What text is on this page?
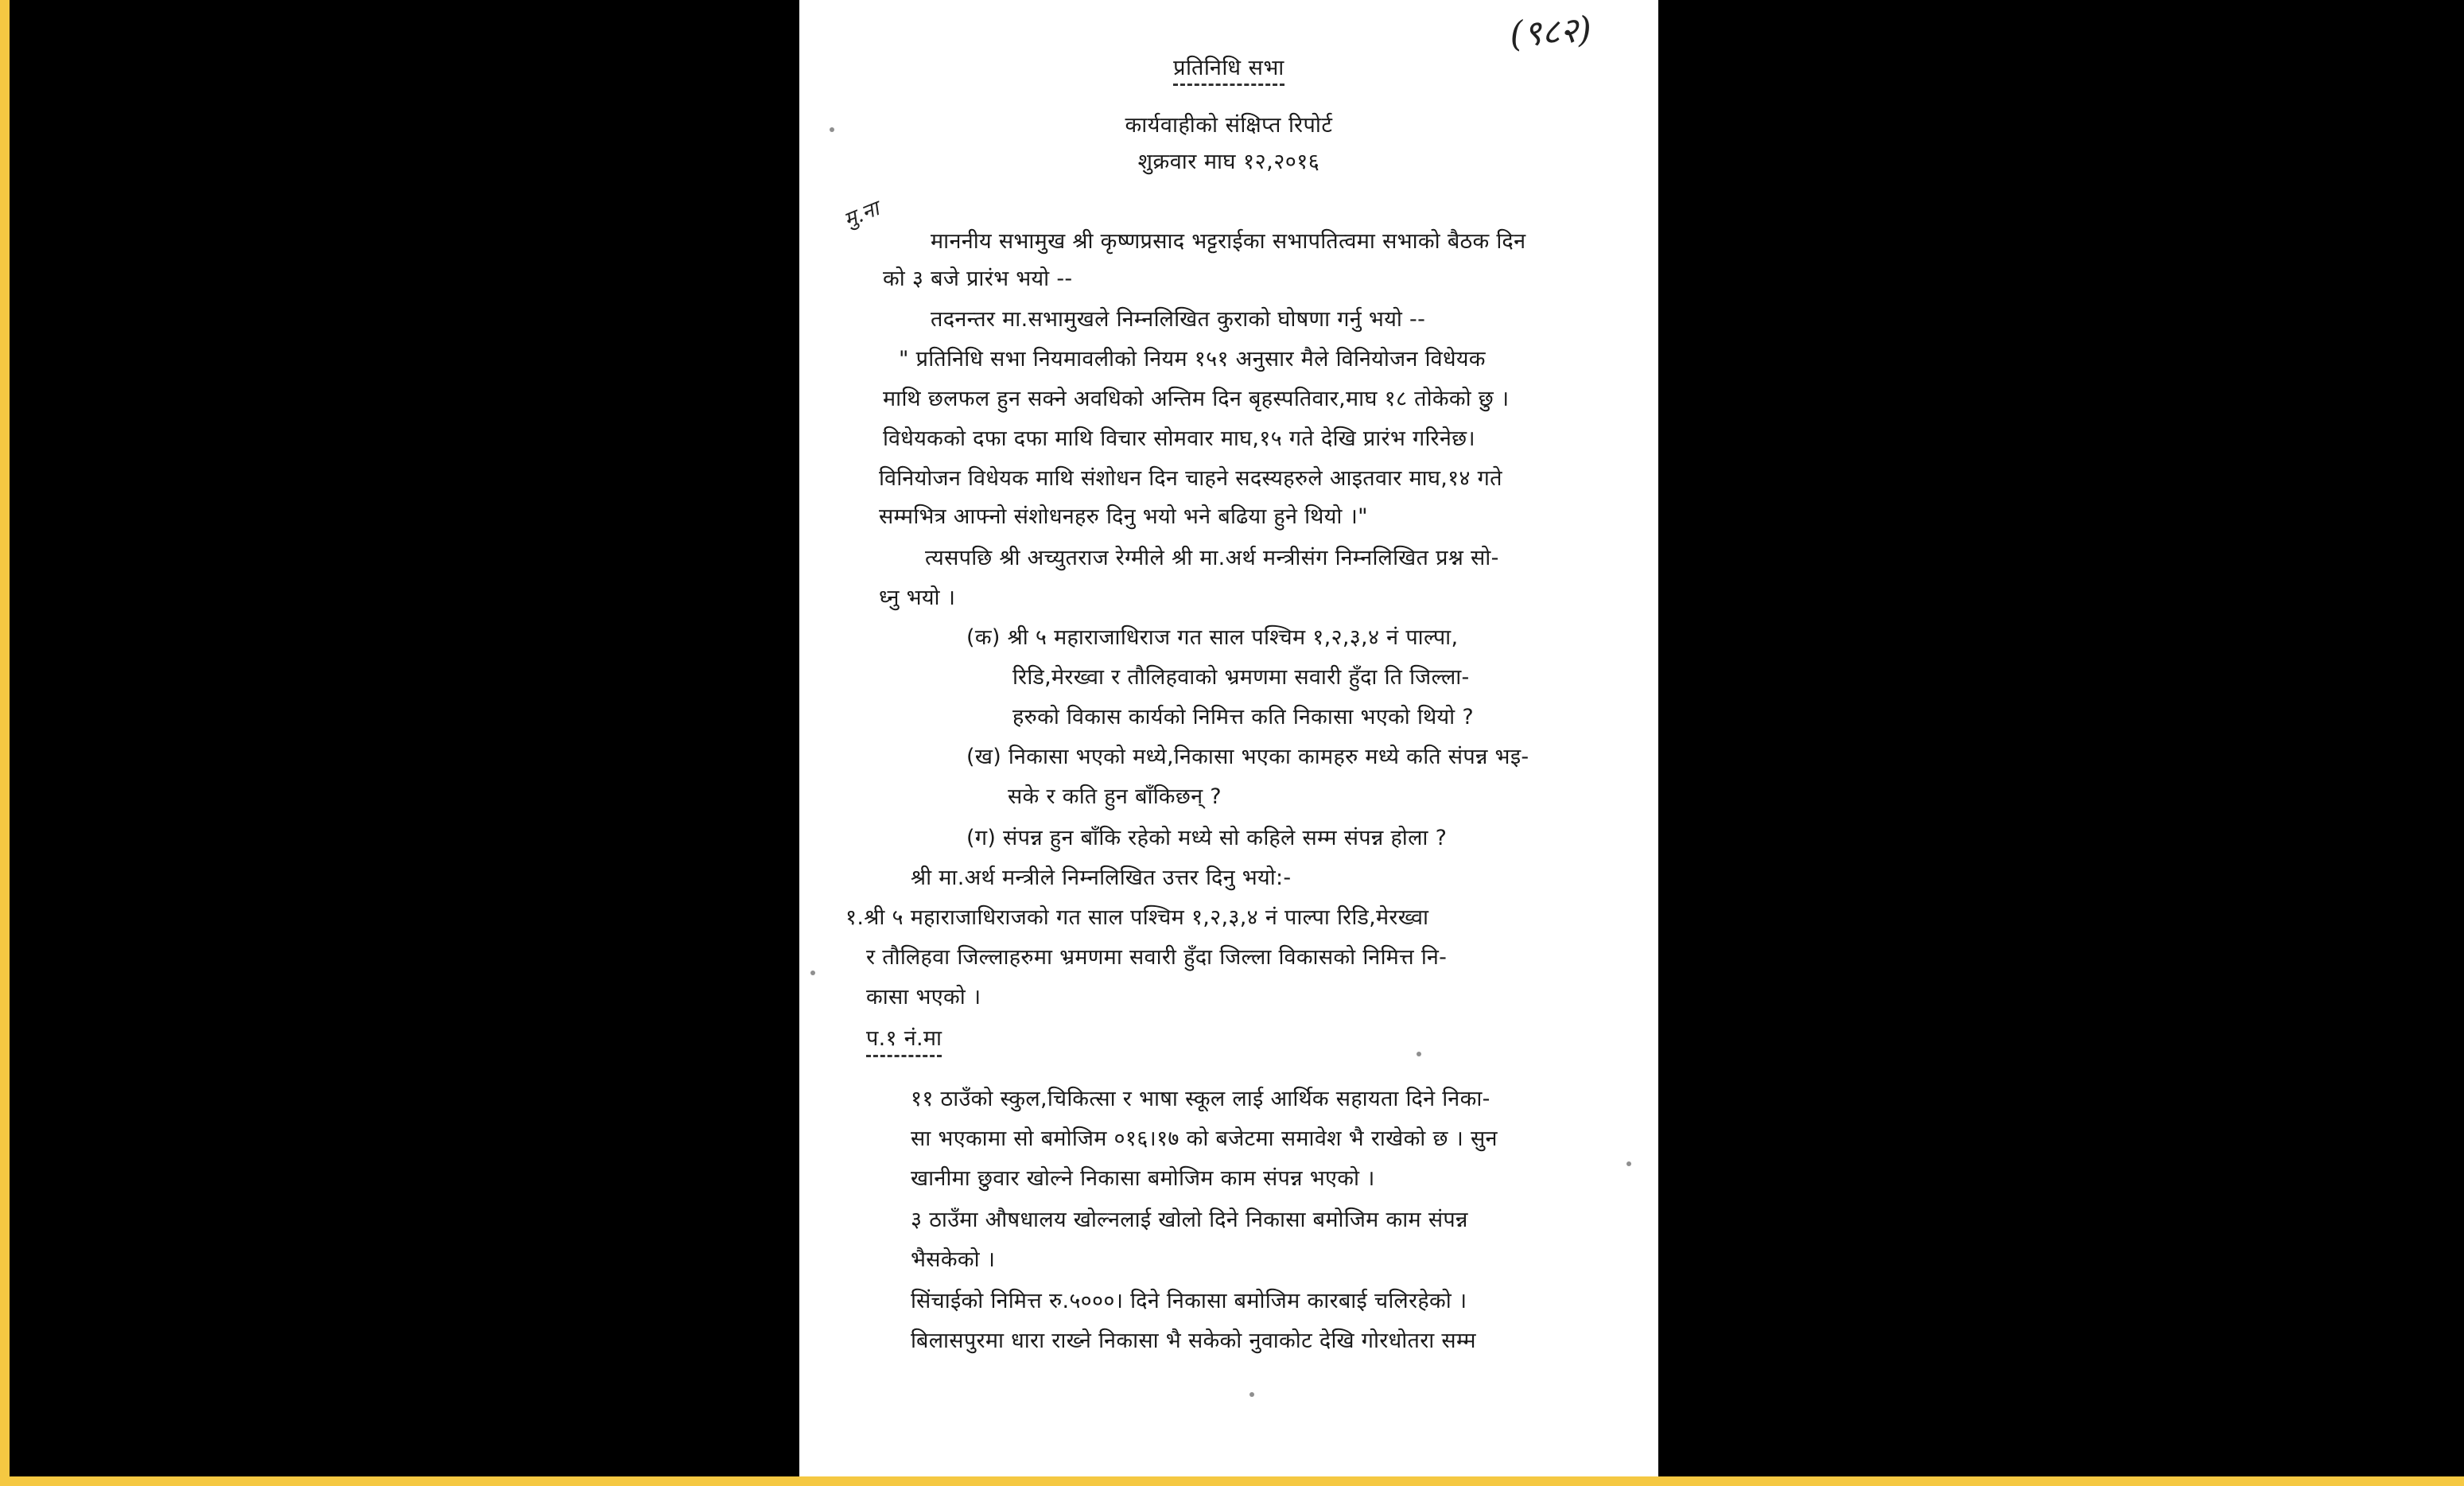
(९८२)
मु.ना
प्रतिनिधि सभा
कार्यवाहीको संक्षिप्त रिपोर्ट
शुक्रवार माघ १२,२०१६
माननीय सभामुख श्री कृष्णप्रसाद भट्टराईका सभापतित्वमा सभाको बैठक दिन
को ३ बजे प्रारंभ भयो --
तदनन्तर मा.सभामुखले निम्नलिखित कुराको घोषणा गर्नु भयो --
" प्रतिनिधि सभा नियमावलीको नियम १५१ अनुसार मैले विनियोजन विधेयक
माथि छलफल हुन सक्ने अवधिको अन्तिम दिन बृहस्पतिवार,माघ १८ तोकेको छु ।
विधेयकको दफा दफा माथि विचार सोमवार माघ,१५ गते देखि प्रारंभ गरिनेछ।
विनियोजन विधेयक माथि संशोधन दिन चाहने सदस्यहरुले आइतवार माघ,१४ गते
सम्मभित्र आफ्नो संशोधनहरु दिनु भयो भने बढिया हुने थियो ।"
त्यसपछि श्री अच्युतराज रेग्मीले श्री मा.अर्थ मन्त्रीसंग निम्नलिखित प्रश्न सो-
ध्नु भयो ।
(क) श्री ५ महाराजाधिराज गत साल पश्चिम १,२,३,४ नं पाल्पा,
रिडि,मेरख्वा र तौलिहवाको भ्रमणमा सवारी हुँदा ति जिल्ला-
हरुको विकास कार्यको निमित्त कति निकासा भएको थियो ?
(ख) निकासा भएको मध्ये,निकासा भएका कामहरु मध्ये कति संपन्न भइ-
सके र कति हुन बाँकिछन् ?
(ग) संपन्न हुन बाँकि रहेको मध्ये सो कहिले सम्म संपन्न होला ?
श्री मा.अर्थ मन्त्रीले निम्नलिखित उत्तर दिनु भयो:-
१.श्री ५ महाराजाधिराजको गत साल पश्चिम १,२,३,४ नं पाल्पा रिडि,मेरख्वा
र तौलिहवा जिल्लाहरुमा भ्रमणमा सवारी हुँदा जिल्ला विकासको निमित्त नि-
कासा भएको ।
प.१ नं.मा
११ ठाउँको स्कुल,चिकित्सा र भाषा स्कूल लाई आर्थिक सहायता दिने निका-
सा भएकामा सो बमोजिम ०१६।१७ को बजेटमा समावेश भै राखेको छ । सुन
खानीमा छुवार खोल्ने निकासा बमोजिम काम संपन्न भएको ।
३ ठाउँमा औषधालय खोल्नलाई खोलो दिने निकासा बमोजिम काम संपन्न
भैसकेको ।
सिंचाईको निमित्त रु.५०००। दिने निकासा बमोजिम कारबाई चलिरहेको ।
बिलासपुरमा धारा राख्ने निकासा भै सकेको नुवाकोट देखि गोरधोतरा सम्म
